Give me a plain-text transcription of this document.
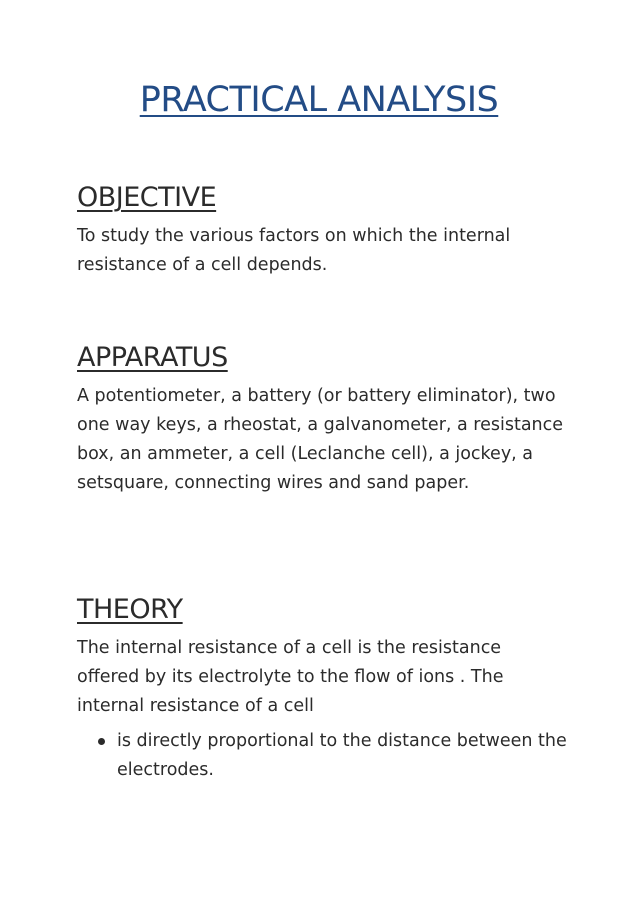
PRACTICAL ANALYSIS
OBJECTIVE

To study the various factors on which the internal resistance of a cell depends.

APPARATUS

A potentiometer, a battery (or battery eliminator), two one way keys, a rheostat, a galvanometer, a resistance box, an ammeter, a cell (Leclanche cell), a jockey, a setsquare, connecting wires and sand paper.

THEORY

The internal resistance of a cell is the resistance offered by its electrolyte to the flow of ions . The internal resistance of a cell

is directly proportional to the distance between the electrodes.
